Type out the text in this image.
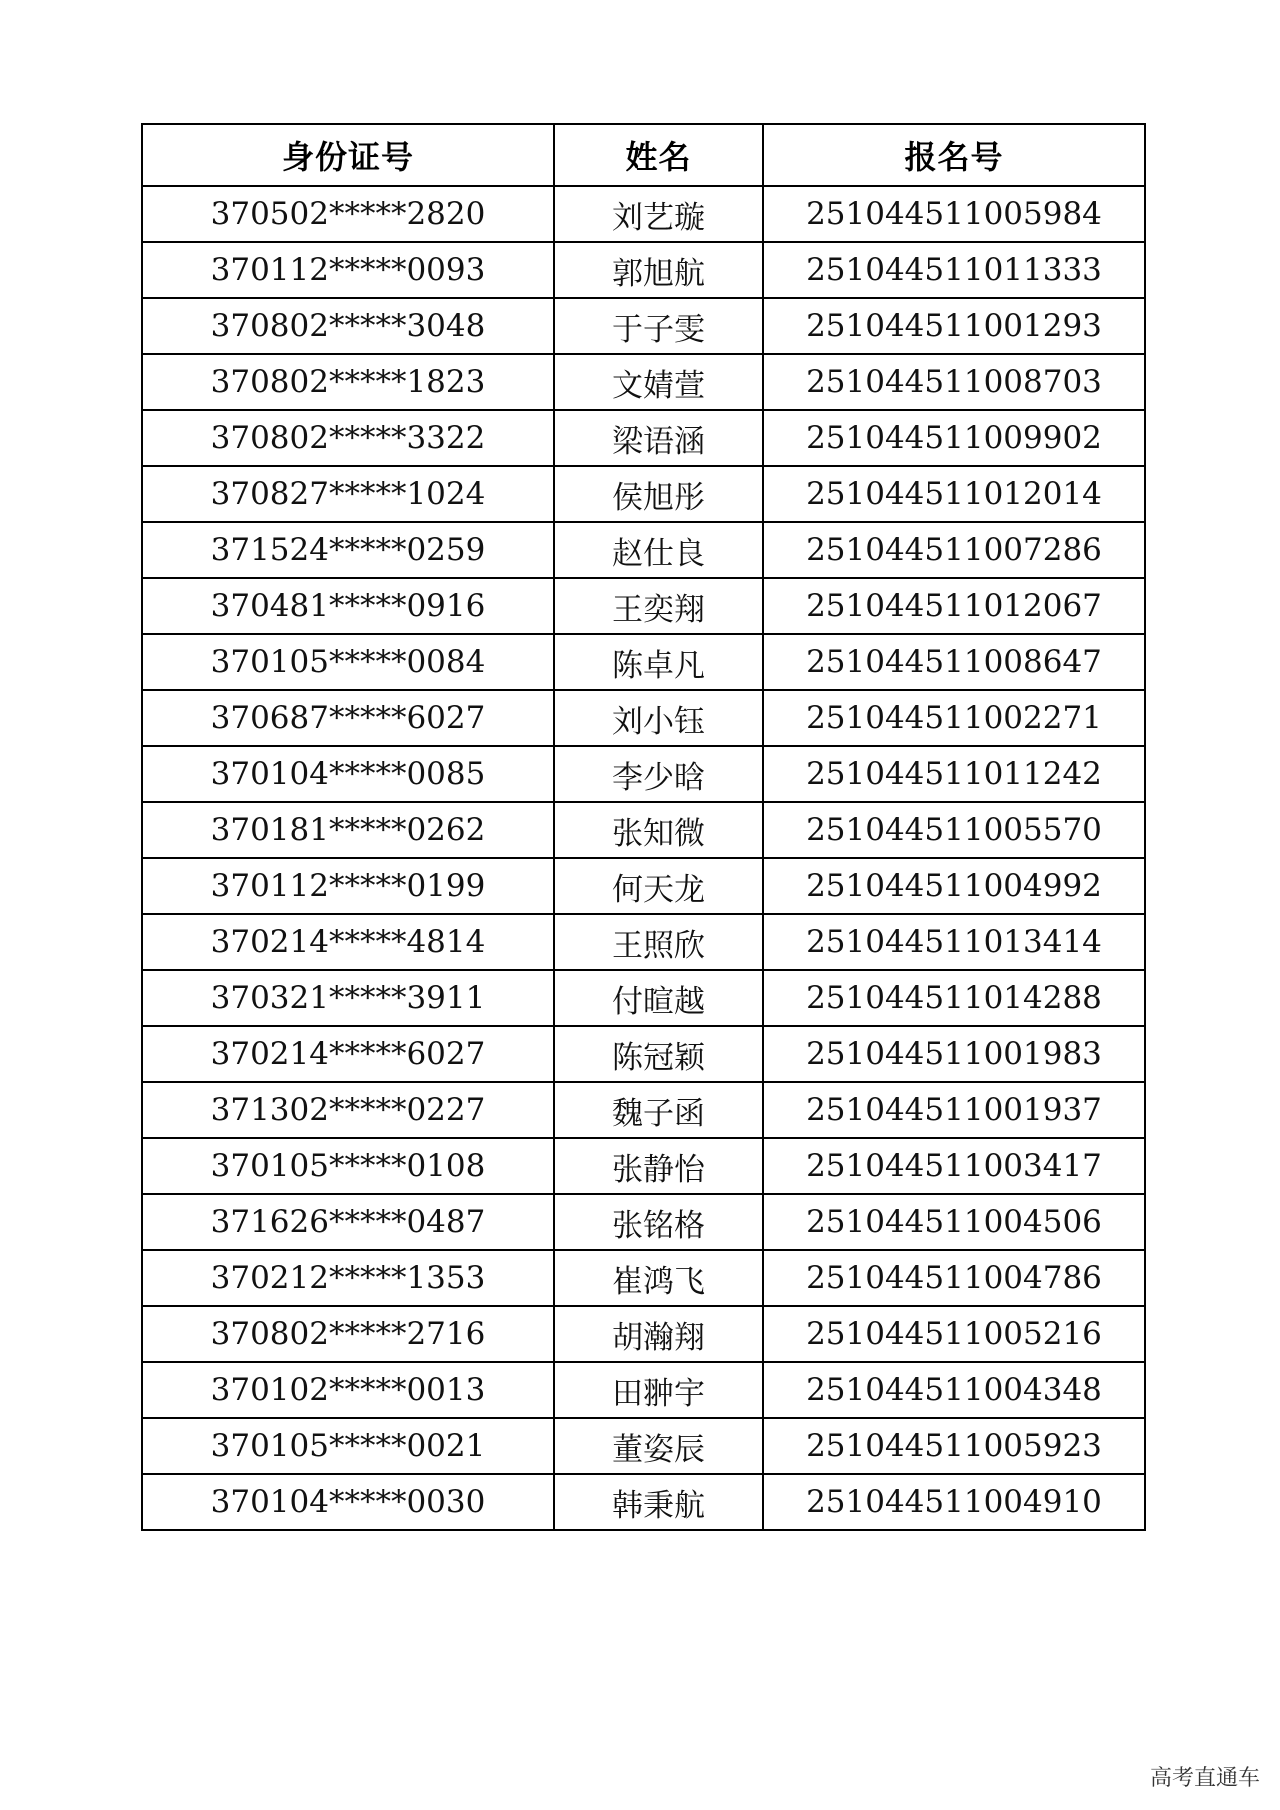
身份证号	姓名	报名号
370502*****2820	刘艺璇	251044511005984
370112*****0093	郭旭航	251044511011333
370802*****3048	于子雯	251044511001293
370802*****1823	文婧萱	251044511008703
370802*****3322	梁语涵	251044511009902
370827*****1024	侯旭彤	251044511012014
371524*****0259	赵仕良	251044511007286
370481*****0916	王奕翔	251044511012067
370105*****0084	陈卓凡	251044511008647
370687*****6027	刘小钰	251044511002271
370104*****0085	李少晗	251044511011242
370181*****0262	张知微	251044511005570
370112*****0199	何天龙	251044511004992
370214*****4814	王照欣	251044511013414
370321*****3911	付暄越	251044511014288
370214*****6027	陈冠颖	251044511001983
371302*****0227	魏子函	251044511001937
370105*****0108	张静怡	251044511003417
371626*****0487	张铭格	251044511004506
370212*****1353	崔鸿飞	251044511004786
370802*****2716	胡瀚翔	251044511005216
370102*****0013	田翀宇	251044511004348
370105*****0021	董姿辰	251044511005923
370104*****0030	韩秉航	251044511004910
高考直通车
